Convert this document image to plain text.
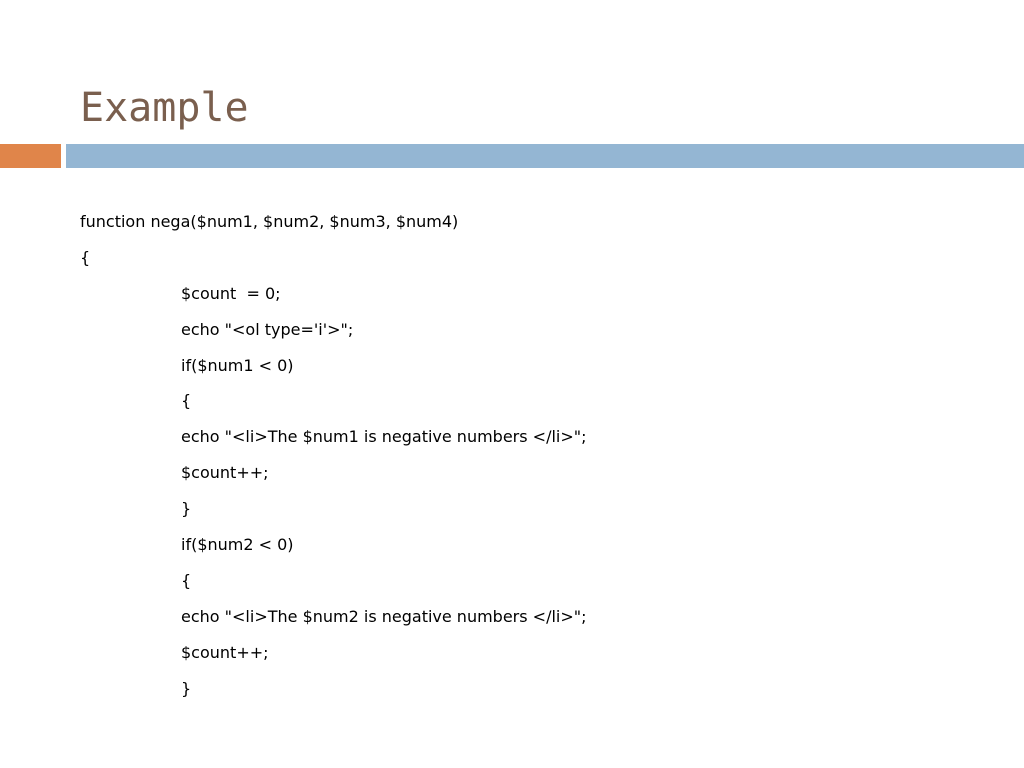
Example
function nega($num1, $num2, $num3, $num4)
{
$count  = 0;
echo "<ol type='i'>";
if($num1 < 0)
{
echo "<li>The $num1 is negative numbers </li>";
$count++;
}
if($num2 < 0)
{
echo "<li>The $num2 is negative numbers </li>";
$count++;
}
